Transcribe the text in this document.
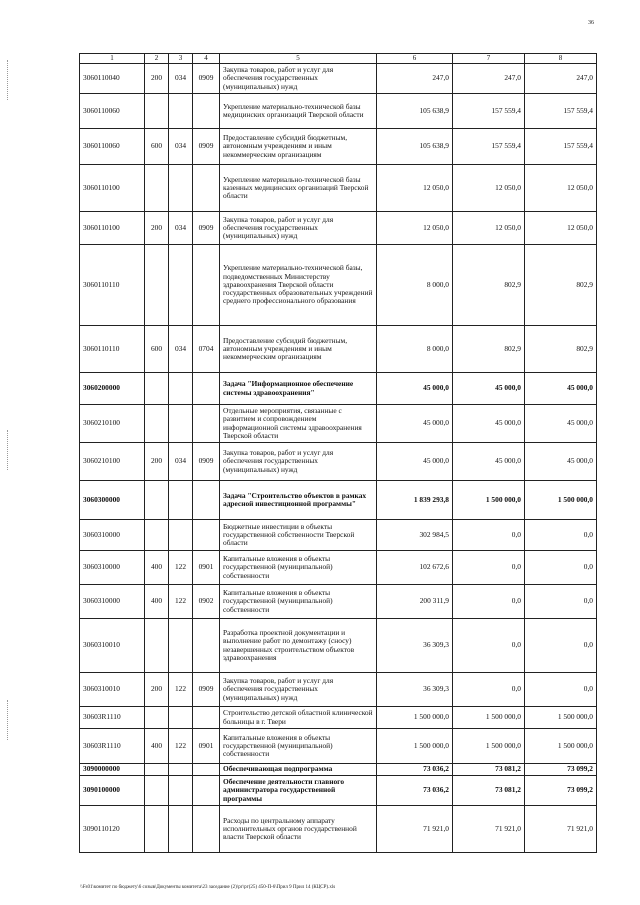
36
1	2	3	4	5	6	7	8
3060110040	200	034	0909	Закупка товаров, работ и услуг для обеспечения государственных (муниципальных) нужд	247,0	247,0	247,0
3060110060				Укрепление материально-технической базы медицинских организаций Тверской области	105 638,9	157 559,4	157 559,4
3060110060	600	034	0909	Предоставление субсидий бюджетным, автономным учреждениям и иным некоммерческим организациям	105 638,9	157 559,4	157 559,4
3060110100				Укрепление материально-технической базы казенных медицинских организаций Тверской области	12 050,0	12 050,0	12 050,0
3060110100	200	034	0909	Закупка товаров, работ и услуг для обеспечения государственных (муниципальных) нужд	12 050,0	12 050,0	12 050,0
3060110110				Укрепление материально-технической базы, подведомственных Министерству здравоохранения Тверской области государственных образовательных учреждений среднего профессионального образования	8 000,0	802,9	802,9
3060110110	600	034	0704	Предоставление субсидий бюджетным, автономным учреждениям и иным некоммерческим организациям	8 000,0	802,9	802,9
3060200000				Задача "Информационное обеспечение системы здравоохранения"	45 000,0	45 000,0	45 000,0
3060210100				Отдельные мероприятия, связанные с развитием и сопровождением информационной системы здравоохранения Тверской области	45 000,0	45 000,0	45 000,0
3060210100	200	034	0909	Закупка товаров, работ и услуг для обеспечения государственных (муниципальных) нужд	45 000,0	45 000,0	45 000,0
3060300000				Задача "Строительство объектов в рамках адресной инвестиционной программы"	1 839 293,8	1 500 000,0	1 500 000,0
3060310000				Бюджетные инвестиции в объекты государственной собственности Тверской области	302 984,5	0,0	0,0
3060310000	400	122	0901	Капитальные вложения в объекты государственной (муниципальной) собственности	102 672,6	0,0	0,0
3060310000	400	122	0902	Капитальные вложения в объекты государственной (муниципальной) собственности	200 311,9	0,0	0,0
3060310010				Разработка проектной документации и выполнение работ по демонтажу (сносу) незавершенных строительством объектов здравоохранения	36 309,3	0,0	0,0
3060310010	200	122	0909	Закупка товаров, работ и услуг для обеспечения государственных (муниципальных) нужд	36 309,3	0,0	0,0
30603R1110				Строительство детской областной клинической больницы в г. Твери	1 500 000,0	1 500 000,0	1 500 000,0
30603R1110	400	122	0901	Капитальные вложения в объекты государственной (муниципальной) собственности	1 500 000,0	1 500 000,0	1 500 000,0
3090000000				Обеспечивающая подпрограмма	73 036,2	73 081,2	73 099,2
3090100000				Обеспечение деятельности главного администратора государственной программы	73 036,2	73 081,2	73 099,2
3090110120				Расходы по центральному аппарату исполнительных органов государственной власти Тверской области	71 921,0	71 921,0	71 921,0
\\Fs01\комитет по бюджету\6 созыв\Документы комитета\23 заседание (2)\рг\рг(25) 450-П-6\Прил 9 Прил 14 (КЦСР).xls
